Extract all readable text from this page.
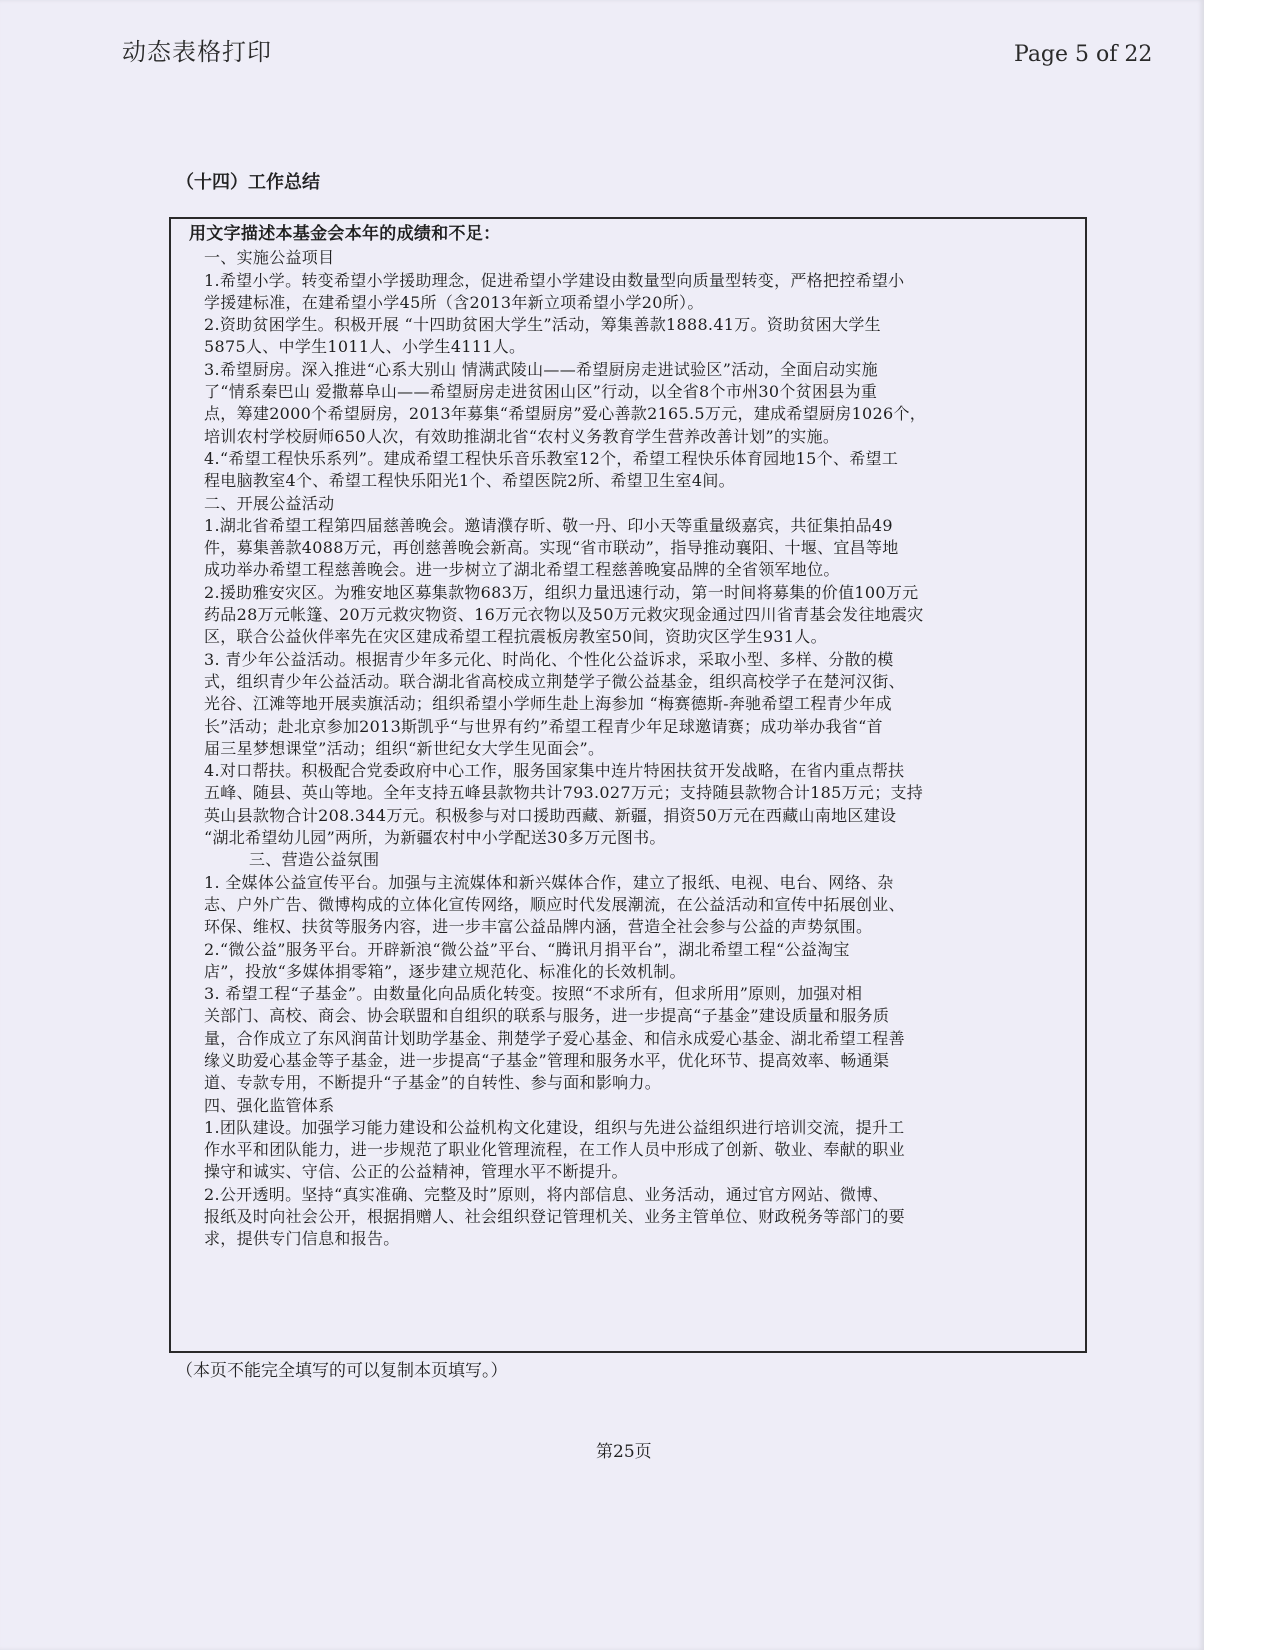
动态表格打印	Page 5 of 22
（十四）工作总结
用文字描述本基金会本年的成绩和不足：
一、实施公益项目
1.希望小学。转变希望小学援助理念，促进希望小学建设由数量型向质量型转变，严格把控希望小
学援建标准，在建希望小学45所（含2013年新立项希望小学20所）。
2.资助贫困学生。积极开展 “十四助贫困大学生”活动，筹集善款1888.41万。资助贫困大学生
5875人、中学生1011人、小学生4111人。
3.希望厨房。深入推进“心系大别山 情满武陵山——希望厨房走进试验区”活动，全面启动实施
了“情系秦巴山 爱撒幕阜山——希望厨房走进贫困山区”行动，以全省8个市州30个贫困县为重
点，筹建2000个希望厨房，2013年募集“希望厨房”爱心善款2165.5万元，建成希望厨房1026个，
培训农村学校厨师650人次，有效助推湖北省“农村义务教育学生营养改善计划”的实施。
4.“希望工程快乐系列”。建成希望工程快乐音乐教室12个，希望工程快乐体育园地15个、希望工
程电脑教室4个、希望工程快乐阳光1个、希望医院2所、希望卫生室4间。
二、开展公益活动
1.湖北省希望工程第四届慈善晚会。邀请濮存昕、敬一丹、印小天等重量级嘉宾，共征集拍品49
件，募集善款4088万元，再创慈善晚会新高。实现“省市联动”，指导推动襄阳、十堰、宜昌等地
成功举办希望工程慈善晚会。进一步树立了湖北希望工程慈善晚宴品牌的全省领军地位。
2.援助雅安灾区。为雅安地区募集款物683万，组织力量迅速行动，第一时间将募集的价值100万元
药品28万元帐篷、20万元救灾物资、16万元衣物以及50万元救灾现金通过四川省青基会发往地震灾
区，联合公益伙伴率先在灾区建成希望工程抗震板房教室50间，资助灾区学生931人。
3. 青少年公益活动。根据青少年多元化、时尚化、个性化公益诉求，采取小型、多样、分散的模
式，组织青少年公益活动。联合湖北省高校成立荆楚学子微公益基金，组织高校学子在楚河汉街、
光谷、江滩等地开展卖旗活动；组织希望小学师生赴上海参加 “梅赛德斯-奔驰希望工程青少年成
长”活动；赴北京参加2013斯凯乎“与世界有约”希望工程青少年足球邀请赛；成功举办我省“首
届三星梦想课堂”活动；组织“新世纪女大学生见面会”。
4.对口帮扶。积极配合党委政府中心工作，服务国家集中连片特困扶贫开发战略，在省内重点帮扶
五峰、随县、英山等地。全年支持五峰县款物共计793.027万元；支持随县款物合计185万元；支持
英山县款物合计208.344万元。积极参与对口援助西藏、新疆，捐资50万元在西藏山南地区建设
“湖北希望幼儿园”两所，为新疆农村中小学配送30多万元图书。
三、营造公益氛围
1. 全媒体公益宣传平台。加强与主流媒体和新兴媒体合作，建立了报纸、电视、电台、网络、杂
志、户外广告、微博构成的立体化宣传网络，顺应时代发展潮流，在公益活动和宣传中拓展创业、
环保、维权、扶贫等服务内容，进一步丰富公益品牌内涵，营造全社会参与公益的声势氛围。
2.“微公益”服务平台。开辟新浪“微公益”平台、“腾讯月捐平台”，湖北希望工程“公益淘宝
店”，投放“多媒体捐零箱”，逐步建立规范化、标准化的长效机制。
3. 希望工程“子基金”。由数量化向品质化转变。按照“不求所有，但求所用”原则，加强对相
关部门、高校、商会、协会联盟和自组织的联系与服务，进一步提高“子基金”建设质量和服务质
量，合作成立了东风润苗计划助学基金、荆楚学子爱心基金、和信永成爱心基金、湖北希望工程善
缘义助爱心基金等子基金，进一步提高“子基金”管理和服务水平，优化环节、提高效率、畅通渠
道、专款专用，不断提升“子基金”的自转性、参与面和影响力。
四、强化监管体系
1.团队建设。加强学习能力建设和公益机构文化建设，组织与先进公益组织进行培训交流，提升工
作水平和团队能力，进一步规范了职业化管理流程，在工作人员中形成了创新、敬业、奉献的职业
操守和诚实、守信、公正的公益精神，管理水平不断提升。
2.公开透明。坚持“真实准确、完整及时”原则，将内部信息、业务活动，通过官方网站、微博、
报纸及时向社会公开，根据捐赠人、社会组织登记管理机关、业务主管单位、财政税务等部门的要
求，提供专门信息和报告。
（本页不能完全填写的可以复制本页填写。）
第25页
